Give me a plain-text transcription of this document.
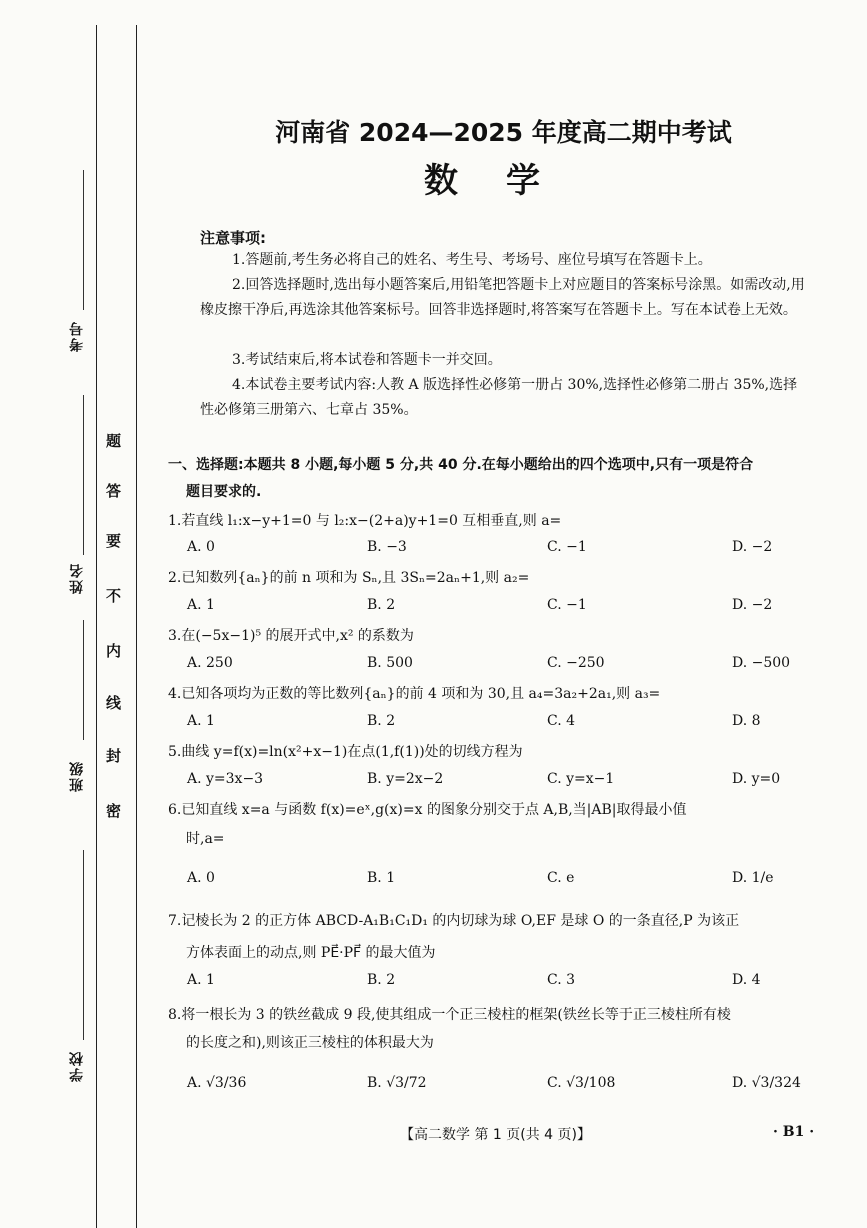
考号
姓名
班级
学校
题
答
要
不
内
线
封
密
河南省 2024—2025 年度高二期中考试
数学
注意事项:
1.答题前,考生务必将自己的姓名、考生号、考场号、座位号填写在答题卡上。
2.回答选择题时,选出每小题答案后,用铅笔把答题卡上对应题目的答案标号涂黑。如需改动,用橡皮擦干净后,再选涂其他答案标号。回答非选择题时,将答案写在答题卡上。写在本试卷上无效。
3.考试结束后,将本试卷和答题卡一并交回。
4.本试卷主要考试内容:人教 A 版选择性必修第一册占 30%,选择性必修第二册占 35%,选择性必修第三册第六、七章占 35%。
一、选择题:本题共 8 小题,每小题 5 分,共 40 分.在每小题给出的四个选项中,只有一项是符合
题目要求的.
1.若直线 l₁:x−y+1=0 与 l₂:x−(2+a)y+1=0 互相垂直,则 a=
A. 0	B. −3	C. −1	D. −2
2.已知数列{aₙ}的前 n 项和为 Sₙ,且 3Sₙ=2aₙ+1,则 a₂=
A. 1	B. 2	C. −1	D. −2
3.在(−5x−1)⁵ 的展开式中,x² 的系数为
A. 250	B. 500	C. −250	D. −500
4.已知各项均为正数的等比数列{aₙ}的前 4 项和为 30,且 a₄=3a₂+2a₁,则 a₃=
A. 1	B. 2	C. 4	D. 8
5.曲线 y=f(x)=ln(x²+x−1)在点(1,f(1))处的切线方程为
A. y=3x−3	B. y=2x−2	C. y=x−1	D. y=0
6.已知直线 x=a 与函数 f(x)=eˣ,g(x)=x 的图象分别交于点 A,B,当|AB|取得最小值
时,a=
A. 0	B. 1	C. e	D. 1/e
7.记棱长为 2 的正方体 ABCD-A₁B₁C₁D₁ 的内切球为球 O,EF 是球 O 的一条直径,P 为该正
方体表面上的动点,则 PE⃗·PF⃗ 的最大值为
A. 1	B. 2	C. 3	D. 4
8.将一根长为 3 的铁丝截成 9 段,使其组成一个正三棱柱的框架(铁丝长等于正三棱柱所有棱
的长度之和),则该正三棱柱的体积最大为
A. √3/36	B. √3/72	C. √3/108	D. √3/324
【高二数学 第 1 页(共 4 页)】	· B1 ·
